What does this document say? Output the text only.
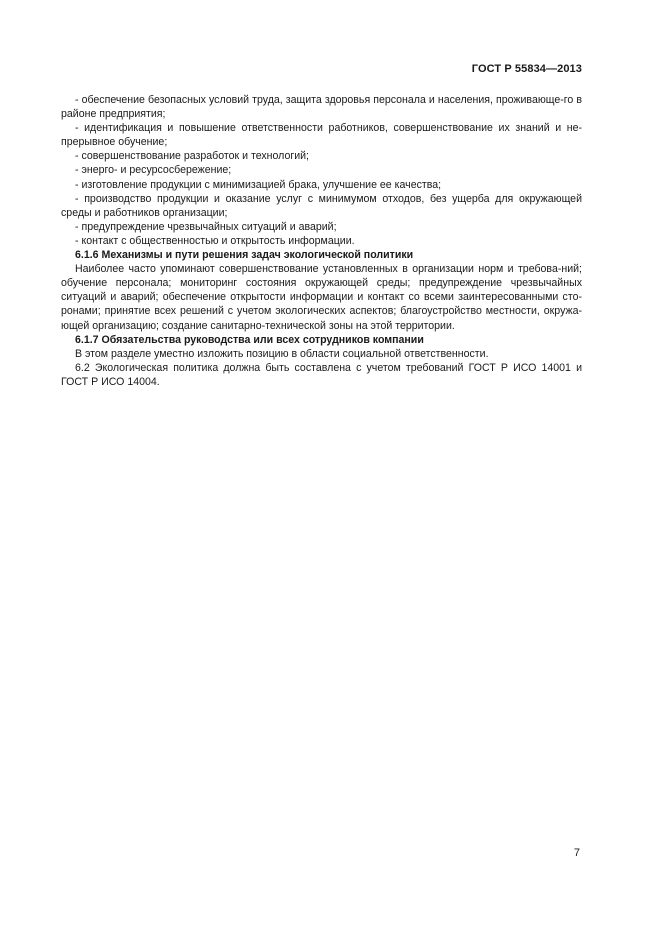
ГОСТ Р 55834—2013

- обеспечение безопасных условий труда, защита здоровья персонала и населения, проживающе-го в районе предприятия;

- идентификация и повышение ответственности работников, совершенствование их знаний и не-прерывное обучение;

- совершенствование разработок и технологий;

- энерго- и ресурсосбережение;

- изготовление продукции с минимизацией брака, улучшение ее качества;

- производство продукции и оказание услуг с минимумом отходов, без ущерба для окружающей среды и работников организации;

- предупреждение чрезвычайных ситуаций и аварий;

- контакт с общественностью и открытость информации.

6.1.6 Механизмы и пути решения задач экологической политики

Наиболее часто упоминают совершенствование установленных в организации норм и требова-ний; обучение персонала; мониторинг состояния окружающей среды; предупреждение чрезвычайных ситуаций и аварий; обеспечение открытости информации и контакт со всеми заинтересованными сто-ронами; принятие всех решений с учетом экологических аспектов; благоустройство местности, окружа-ющей организацию; создание санитарно-технической зоны на этой территории.

6.1.7 Обязательства руководства или всех сотрудников компании

В этом разделе уместно изложить позицию в области социальной ответственности.

6.2 Экологическая политика должна быть составлена с учетом требований ГОСТ Р ИСО 14001 и ГОСТ Р ИСО 14004.

7
